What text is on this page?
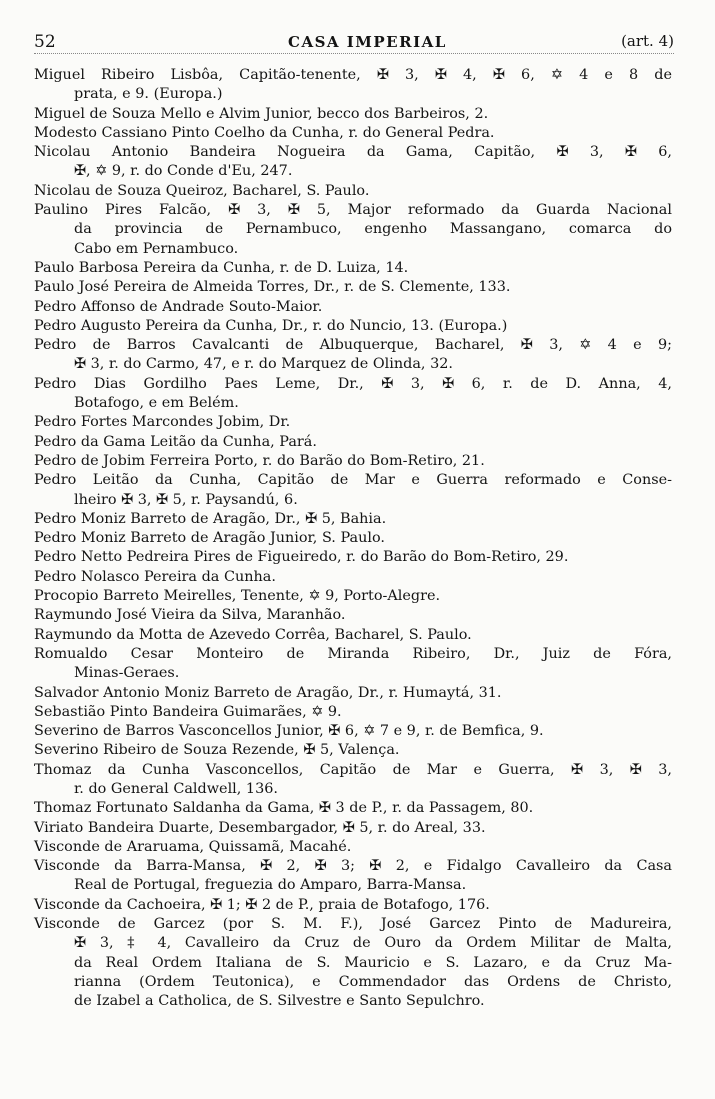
52	CASA IMPERIAL	(art. 4)
Miguel Ribeiro Lisbôa, Capitão-tenente, ✠ 3, ✠ 4, ✠ 6, ✡ 4 e 8 de
prata, e 9. (Europa.)
Miguel de Souza Mello e Alvim Junior, becco dos Barbeiros, 2.
Modesto Cassiano Pinto Coelho da Cunha, r. do General Pedra.
Nicolau Antonio Bandeira Nogueira da Gama, Capitão, ✠ 3, ✠ 6,
✠, ✡ 9, r. do Conde d'Eu, 247.
Nicolau de Souza Queiroz, Bacharel, S. Paulo.
Paulino Pires Falcão, ✠ 3, ✠ 5, Major reformado da Guarda Nacional
da provincia de Pernambuco, engenho Massangano, comarca do
Cabo em Pernambuco.
Paulo Barbosa Pereira da Cunha, r. de D. Luiza, 14.
Paulo José Pereira de Almeida Torres, Dr., r. de S. Clemente, 133.
Pedro Affonso de Andrade Souto-Maior.
Pedro Augusto Pereira da Cunha, Dr., r. do Nuncio, 13. (Europa.)
Pedro de Barros Cavalcanti de Albuquerque, Bacharel, ✠ 3, ✡ 4 e 9;
✠ 3, r. do Carmo, 47, e r. do Marquez de Olinda, 32.
Pedro Dias Gordilho Paes Leme, Dr., ✠ 3, ✠ 6, r. de D. Anna, 4,
Botafogo, e em Belém.
Pedro Fortes Marcondes Jobim, Dr.
Pedro da Gama Leitão da Cunha, Pará.
Pedro de Jobim Ferreira Porto, r. do Barão do Bom-Retiro, 21.
Pedro Leitão da Cunha, Capitão de Mar e Guerra reformado e Conse-
lheiro ✠ 3, ✠ 5, r. Paysandú, 6.
Pedro Moniz Barreto de Aragão, Dr., ✠ 5, Bahia.
Pedro Moniz Barreto de Aragão Junior, S. Paulo.
Pedro Netto Pedreira Pires de Figueiredo, r. do Barão do Bom-Retiro, 29.
Pedro Nolasco Pereira da Cunha.
Procopio Barreto Meirelles, Tenente, ✡ 9, Porto-Alegre.
Raymundo José Vieira da Silva, Maranhão.
Raymundo da Motta de Azevedo Corrêa, Bacharel, S. Paulo.
Romualdo Cesar Monteiro de Miranda Ribeiro, Dr., Juiz de Fóra,
Minas-Geraes.
Salvador Antonio Moniz Barreto de Aragão, Dr., r. Humaytá, 31.
Sebastião Pinto Bandeira Guimarães, ✡ 9.
Severino de Barros Vasconcellos Junior, ✠ 6, ✡ 7 e 9, r. de Bemfica, 9.
Severino Ribeiro de Souza Rezende, ✠ 5, Valença.
Thomaz da Cunha Vasconcellos, Capitão de Mar e Guerra, ✠ 3, ✠ 3,
r. do General Caldwell, 136.
Thomaz Fortunato Saldanha da Gama, ✠ 3 de P., r. da Passagem, 80.
Viriato Bandeira Duarte, Desembargador, ✠ 5, r. do Areal, 33.
Visconde de Araruama, Quissamã, Macahé.
Visconde da Barra-Mansa, ✠ 2, ✠ 3; ✠ 2, e Fidalgo Cavalleiro da Casa
Real de Portugal, freguezia do Amparo, Barra-Mansa.
Visconde da Cachoeira, ✠ 1; ✠ 2 de P., praia de Botafogo, 176.
Visconde de Garcez (por S. M. F.), José Garcez Pinto de Madureira,
✠ 3, ‡ 4, Cavalleiro da Cruz de Ouro da Ordem Militar de Malta,
da Real Ordem Italiana de S. Mauricio e S. Lazaro, e da Cruz Ma-
rianna (Ordem Teutonica), e Commendador das Ordens de Christo,
de Izabel a Catholica, de S. Silvestre e Santo Sepulchro.
